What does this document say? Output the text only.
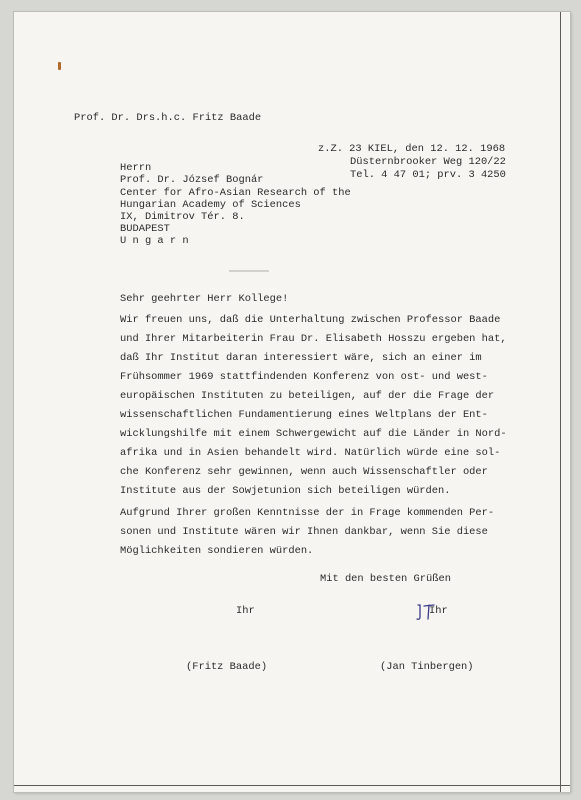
Prof. Dr. Drs.h.c. Fritz Baade
z.Z. 23 KIEL, den 12. 12. 1968
Düsternbrooker Weg 120/22
Tel. 4 47 01; prv. 3 4250
Herrn
Prof. Dr. József Bognár
Center for Afro-Asian Research of the
Hungarian Academy of Sciences
IX, Dimitrov Tér. 8.
BUDAPEST
U n g a r n
Sehr geehrter Herr Kollege!
Wir freuen uns, daß die Unterhaltung zwischen Professor Baade
und Ihrer Mitarbeiterin Frau Dr. Elisabeth Hosszu ergeben hat,
daß Ihr Institut daran interessiert wäre, sich an einer im
Frühsommer 1969 stattfindenden Konferenz von ost- und west-
europäischen Instituten zu beteiligen, auf der die Frage der
wissenschaftlichen Fundamentierung eines Weltplans der Ent-
wicklungshilfe mit einem Schwergewicht auf die Länder in Nord-
afrika und in Asien behandelt wird. Natürlich würde eine sol-
che Konferenz sehr gewinnen, wenn auch Wissenschaftler oder
Institute aus der Sowjetunion sich beteiligen würden.
Aufgrund Ihrer großen Kenntnisse der in Frage kommenden Per-
sonen und Institute wären wir Ihnen dankbar, wenn Sie diese
Möglichkeiten sondieren würden.
Mit den besten Grüßen
Ihr	Ihr
(Fritz Baade)	(Jan Tinbergen)
